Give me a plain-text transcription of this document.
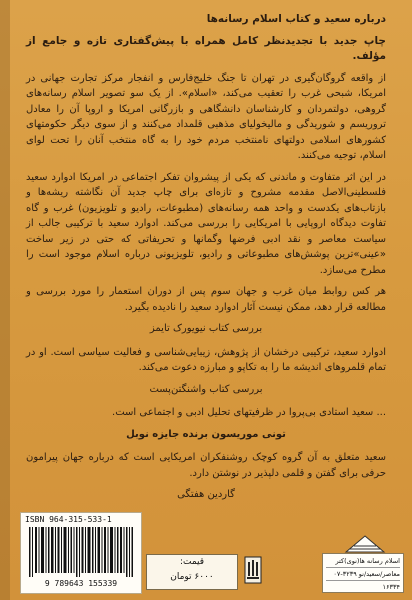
درباره سعید و کتاب اسلام رسانه‌ها

چاپ جدید با تجدیدنظر کامل همراه با پیش‌گفتاری تازه و جامع از مؤلف.

از واقعه گروگان‌گیری در تهران تا جنگ خلیج‌فارس و انفجار مرکز تجارت جهانی در امریکا، شبحی غرب را تعقیب می‌کند، «اسلام». از یک سو تصویر اسلام رسانه‌های گروهی، دولتمردان و کارشناسان دانشگاهی و بازرگانی امریکا و اروپا آن را معادل تروریسم و شوریدگی و مالیخولیای مذهبی قلمداد می‌کنند و از سوی دیگر حکومتهای کشورهای اسلامی دولتهای نامنتخب مردم خود را به گاه منتخب آنان را تحت لوای اسلام، توجیه می‌کنند.

در این اثر متفاوت و ماندنی که یکی از پیشروان تفکر اجتماعی در امریکا ادوارد سعید فلسطینی‌الاصل مقدمه مشروح و تازه‌ای برای چاپ جدید آن نگاشته ریشه‌ها و بازتاب‌های یکدست و واحد همه رسانه‌های (مطبوعات، رادیو و تلویزیون) غرب و گاه تفاوت دیدگاه اروپایی با امریکایی را بررسی می‌کند. ادوارد سعید با ترکیبی جالب از سیاست معاصر و نقد ادبی فرضها وگمانها و تحریفاتی که حتی در زیر ساخت «عینی»ترین پوشش‌های مطبوعاتی و رادیو، تلویزیونی درباره اسلام موجود است را مطرح می‌سازد.

هر کس روابط میان غرب و جهان سوم پس از دوران استعمار را مورد بررسی و مطالعه قرار دهد، ممکن نیست آثار ادوارد سعید را نادیده بگیرد.

بررسی کتاب نیویورک تایمز

ادوارد سعید، ترکیبی درخشان از پژوهش، زیبایی‌شناسی و فعالیت سیاسی است. او در تمام قلمروهای اندیشه ما را به تکاپو و مبارزه دعوت می‌کند.

بررسی کتاب واشنگتن‌پست

... سعید استادی بی‌پروا در ظرفیتهای تحلیل ادبی و اجتماعی است.

تونی موریسون برنده جایزه نوبل

سعید متعلق به آن گروه کوچک روشنفکران امریکایی است که درباره جهان پیرامون حرفی برای گفتن و قلمی دلپذیر در نوشتن دارد.

گاردین هفتگی
ISBN 964-315-533-1
9 789643 155339
قیمت:
۶۰۰۰ تومان
اسلام رسانه ها(نوی)کتر
معاصر/سعید/نو ۳۲۳۹-۰۷
۱۶۳۳۴
